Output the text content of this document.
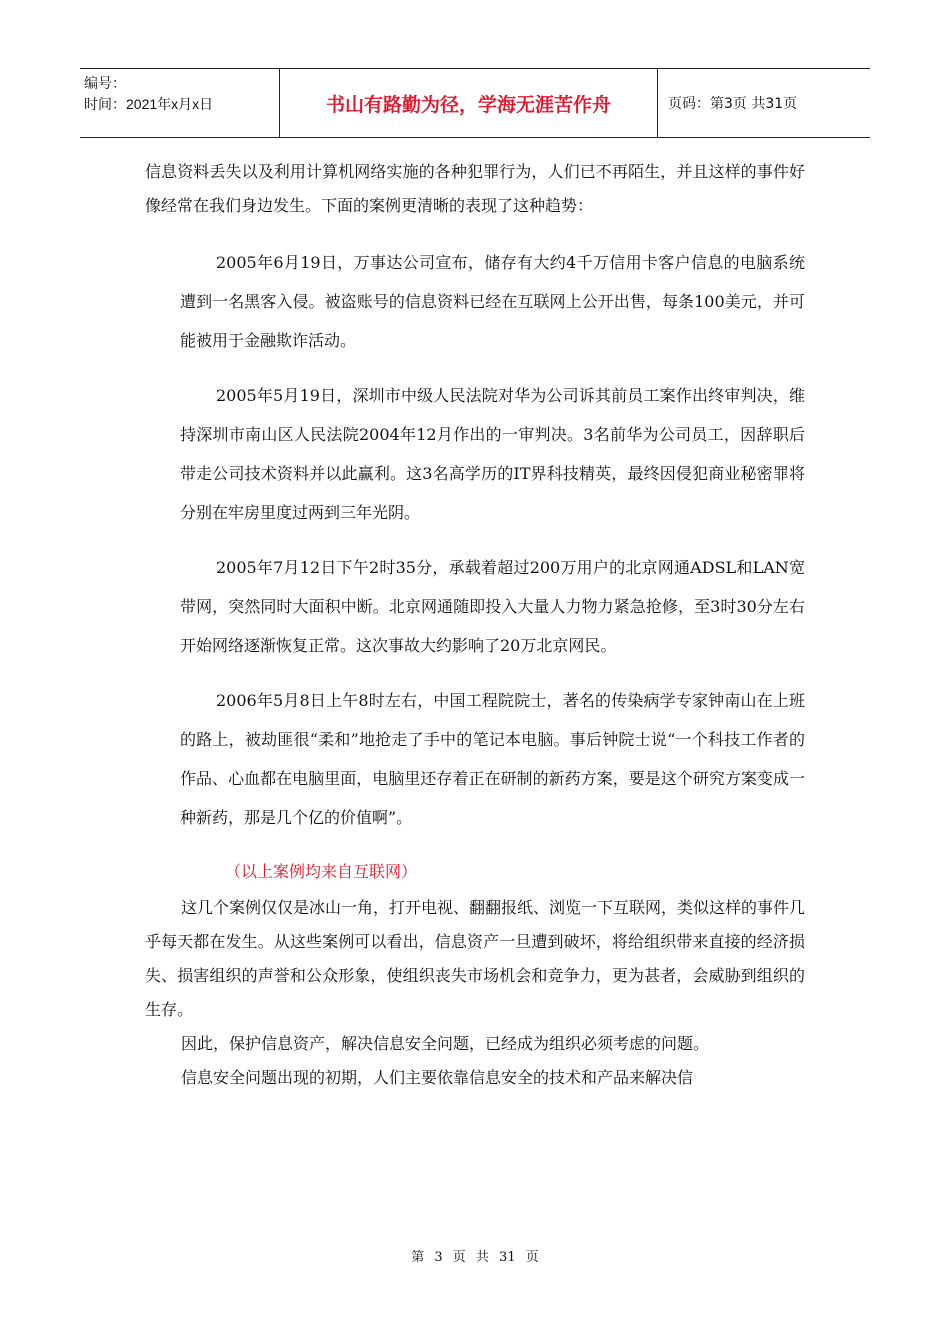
编号：
时间：2021年x月x日	书山有路勤为径，学海无涯苦作舟	页码：第3页 共31页

信息资料丢失以及利用计算机网络实施的各种犯罪行为，人们已不再陌生，并且这样的事件好像经常在我们身边发生。下面的案例更清晰的表现了这种趋势：

2005年6月19日，万事达公司宣布，储存有大约4千万信用卡客户信息的电脑系统遭到一名黑客入侵。被盗账号的信息资料已经在互联网上公开出售，每条100美元，并可能被用于金融欺诈活动。

2005年5月19日，深圳市中级人民法院对华为公司诉其前员工案作出终审判决，维持深圳市南山区人民法院2004年12月作出的一审判决。3名前华为公司员工，因辞职后带走公司技术资料并以此赢利。这3名高学历的IT界科技精英，最终因侵犯商业秘密罪将分别在牢房里度过两到三年光阴。

2005年7月12日下午2时35分，承载着超过200万用户的北京网通ADSL和LAN宽带网，突然同时大面积中断。北京网通随即投入大量人力物力紧急抢修，至3时30分左右开始网络逐渐恢复正常。这次事故大约影响了20万北京网民。

2006年5月8日上午8时左右，中国工程院院士，著名的传染病学专家钟南山在上班的路上，被劫匪很“柔和”地抢走了手中的笔记本电脑。事后钟院士说“一个科技工作者的作品、心血都在电脑里面，电脑里还存着正在研制的新药方案，要是这个研究方案变成一种新药，那是几个亿的价值啊”。

（以上案例均来自互联网）

这几个案例仅仅是冰山一角，打开电视、翻翻报纸、浏览一下互联网，类似这样的事件几乎每天都在发生。从这些案例可以看出，信息资产一旦遭到破坏，将给组织带来直接的经济损失、损害组织的声誉和公众形象，使组织丧失市场机会和竞争力，更为甚者，会威胁到组织的生存。

因此，保护信息资产，解决信息安全问题，已经成为组织必须考虑的问题。

信息安全问题出现的初期，人们主要依靠信息安全的技术和产品来解决信

第 3 页 共 31 页
